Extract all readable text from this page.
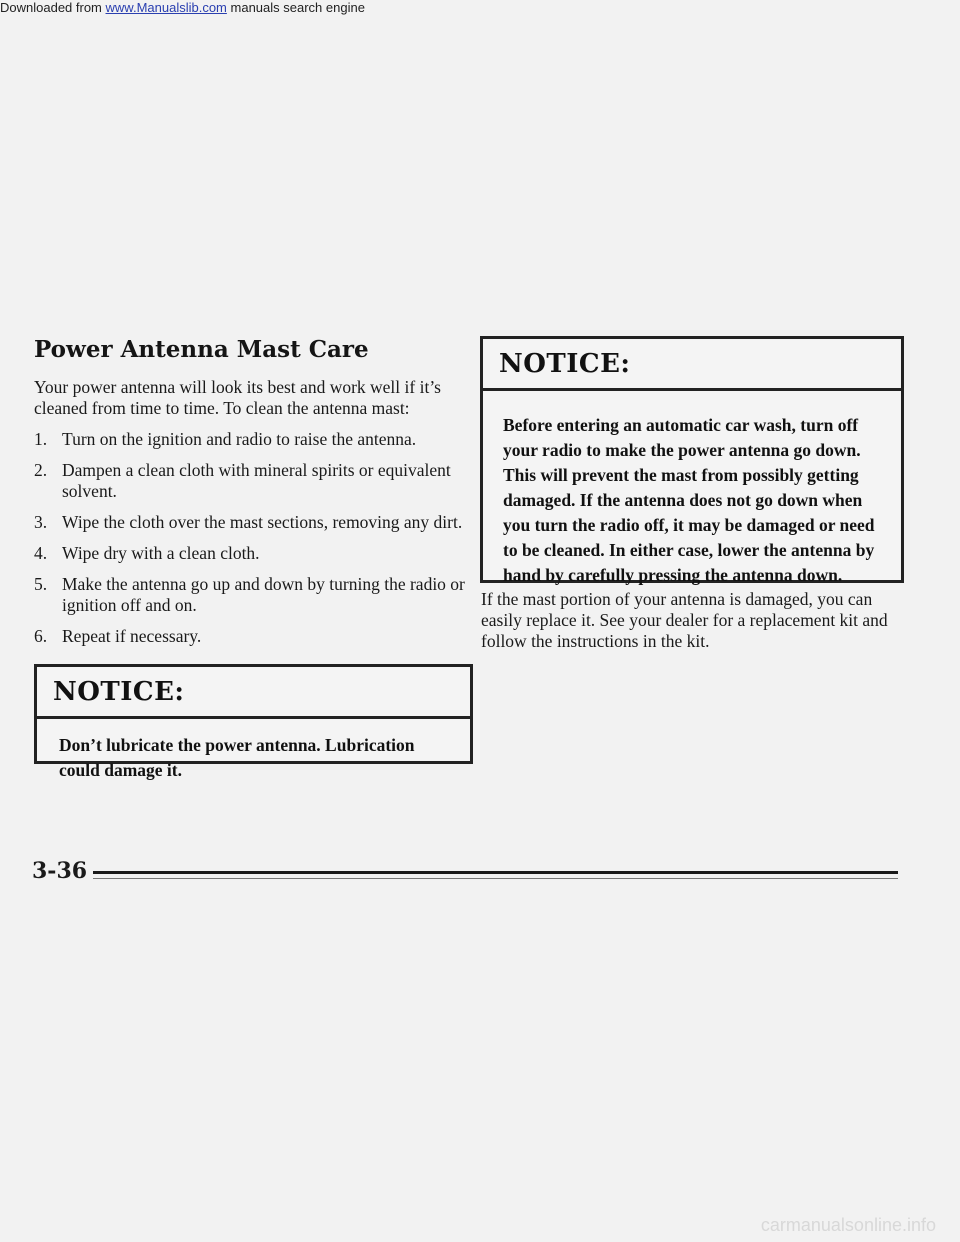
Downloaded from www.Manualslib.com manuals search engine
Power Antenna Mast Care

Your power antenna will look its best and work well if it’s cleaned from time to time. To clean the antenna mast:

1. Turn on the ignition and radio to raise the antenna.
2. Dampen a clean cloth with mineral spirits or equivalent solvent.
3. Wipe the cloth over the mast sections, removing any dirt.
4. Wipe dry with a clean cloth.
5. Make the antenna go up and down by turning the radio or ignition off and on.
6. Repeat if necessary.
NOTICE:
Don’t lubricate the power antenna. Lubrication could damage it.
NOTICE:
Before entering an automatic car wash, turn off your radio to make the power antenna go down. This will prevent the mast from possibly getting damaged. If the antenna does not go down when you turn the radio off, it may be damaged or need to be cleaned. In either case, lower the antenna by hand by carefully pressing the antenna down.

If the mast portion of your antenna is damaged, you can easily replace it. See your dealer for a replacement kit and follow the instructions in the kit.

3-36
carmanualsonline.info
